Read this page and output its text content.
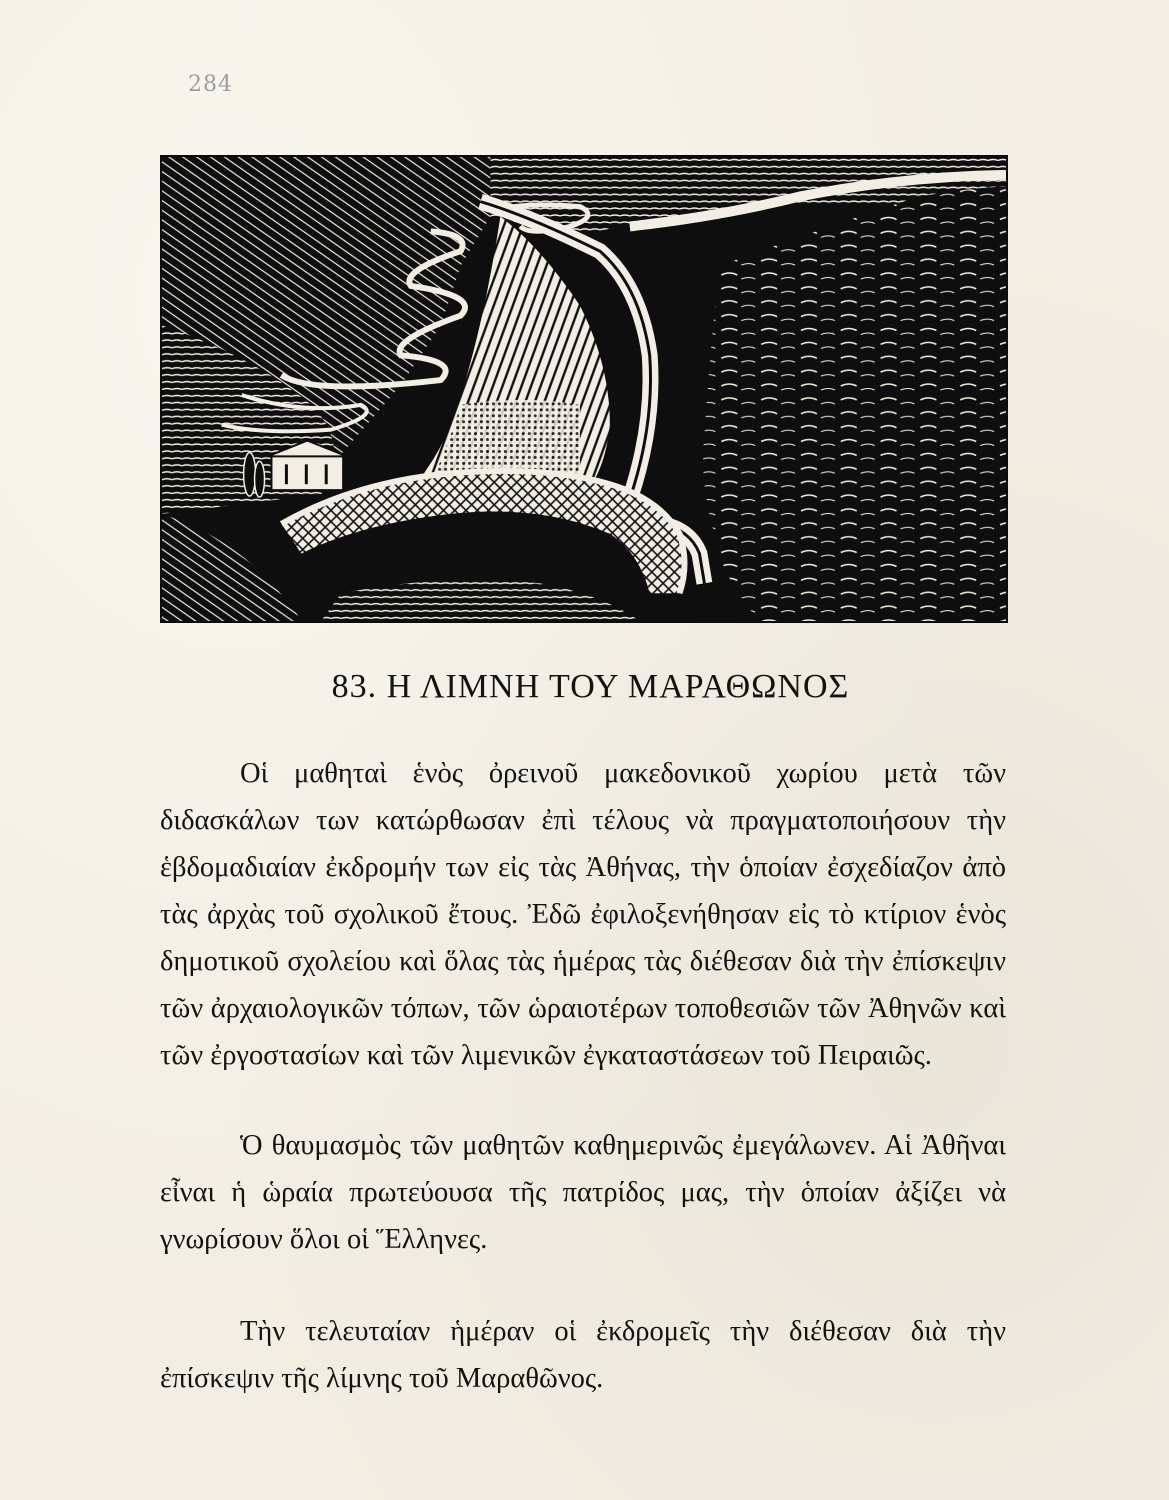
284
83. Η ΛΙΜΝΗ ΤΟΥ ΜΑΡΑΘΩΝΟΣ

Οἱ μαθηταὶ ἑνὸς ὀρεινοῦ μακεδονικοῦ χωρίου μετὰ τῶν διδασκάλων των κατώρθωσαν ἐπὶ τέλους νὰ πραγματοποιήσουν τὴν ἑβδομαδιαίαν ἐκδρομήν των εἰς τὰς Ἀθήνας, τὴν ὁποίαν ἐσχεδίαζον ἀπὸ τὰς ἀρχὰς τοῦ σχολικοῦ ἔτους. Ἐδῶ ἐφιλοξενήθησαν εἰς τὸ κτίριον ἑνὸς δημοτικοῦ σχολείου καὶ ὅλας τὰς ἡμέρας τὰς διέθεσαν διὰ τὴν ἐπίσκεψιν τῶν ἀρχαιολογικῶν τόπων, τῶν ὡραιοτέρων τοποθεσιῶν τῶν Ἀθηνῶν καὶ τῶν ἐργοστασίων καὶ τῶν λιμενικῶν ἐγκαταστάσεων τοῦ Πειραιῶς.

Ὁ θαυμασμὸς τῶν μαθητῶν καθημερινῶς ἐμεγάλωνεν. Αἱ Ἀθῆναι εἶναι ἡ ὡραία πρωτεύουσα τῆς πατρίδος μας, τὴν ὁποίαν ἀξίζει νὰ γνωρίσουν ὅλοι οἱ Ἕλληνες.

Τὴν τελευταίαν ἡμέραν οἱ ἐκδρομεῖς τὴν διέθεσαν διὰ τὴν ἐπίσκεψιν τῆς λίμνης τοῦ Μαραθῶνος.
